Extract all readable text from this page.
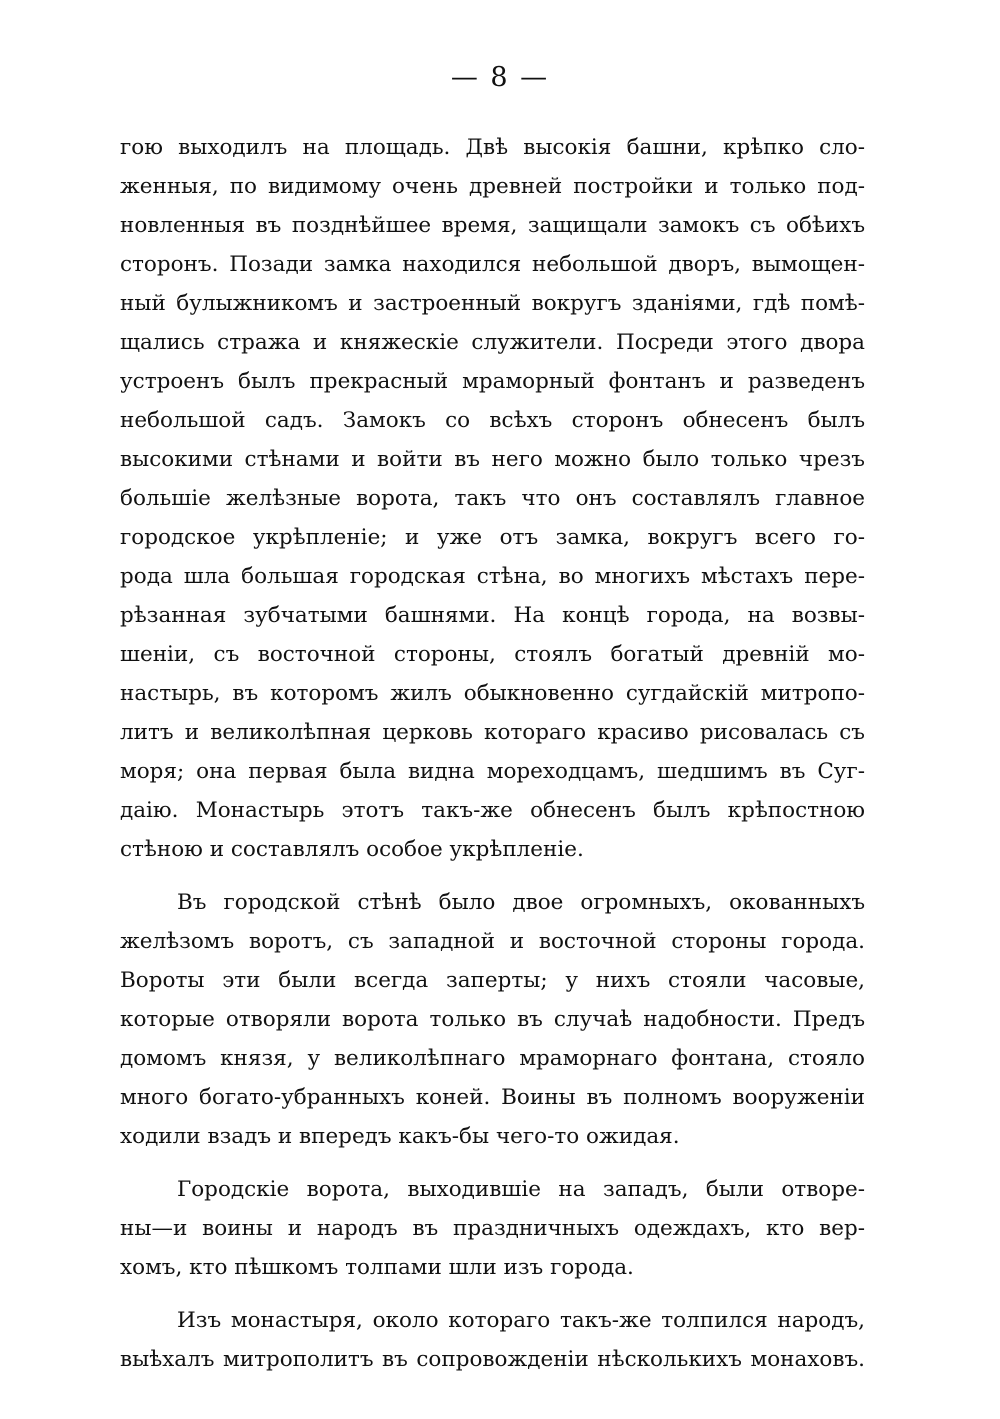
— 8 —
гою выходилъ на площадь. Двѣ высокія башни, крѣпко сло-
женныя, по видимому очень древней постройки и только под-
новленныя въ позднѣйшее время, защищали замокъ съ обѣихъ
сторонъ. Позади замка находился небольшой дворъ, вымощен-
ный булыжникомъ и застроенный вокругъ зданіями, гдѣ помѣ-
щались стража и княжескіе служители. Посреди этого двора
устроенъ былъ прекрасный мраморный фонтанъ и разведенъ
небольшой садъ. Замокъ со всѣхъ сторонъ обнесенъ былъ
высокими стѣнами и войти въ него можно было только чрезъ
большіе желѣзные ворота, такъ что онъ составлялъ главное
городское укрѣпленіе; и уже отъ замка, вокругъ всего го-
рода шла большая городская стѣна, во многихъ мѣстахъ пере-
рѣзанная зубчатыми башнями. На концѣ города, на возвы-
шеніи, съ восточной стороны, стоялъ богатый древній мо-
настырь, въ которомъ жилъ обыкновенно сугдайскій митропо-
литъ и великолѣпная церковь котораго красиво рисовалась съ
моря; она первая была видна мореходцамъ, шедшимъ въ Суг-
даію. Монастырь этотъ такъ-же обнесенъ былъ крѣпостною
стѣною и составлялъ особое укрѣпленіе.
Въ городской стѣнѣ было двое огромныхъ, окованныхъ
желѣзомъ воротъ, съ западной и восточной стороны города.
Вороты эти были всегда заперты; у нихъ стояли часовые,
которые отворяли ворота только въ случаѣ надобности. Предъ
домомъ князя, у великолѣпнаго мраморнаго фонтана, стояло
много богато-убранныхъ коней. Воины въ полномъ вооруженіи
ходили взадъ и впередъ какъ-бы чего-то ожидая.
Городскіе ворота, выходившіе на западъ, были отворе-
ны—и воины и народъ въ праздничныхъ одеждахъ, кто вер-
хомъ, кто пѣшкомъ толпами шли изъ города.
Изъ монастыря, около котораго такъ-же толпился народъ,
выѣхалъ митрополитъ въ сопровожденіи нѣсколькихъ монаховъ.
